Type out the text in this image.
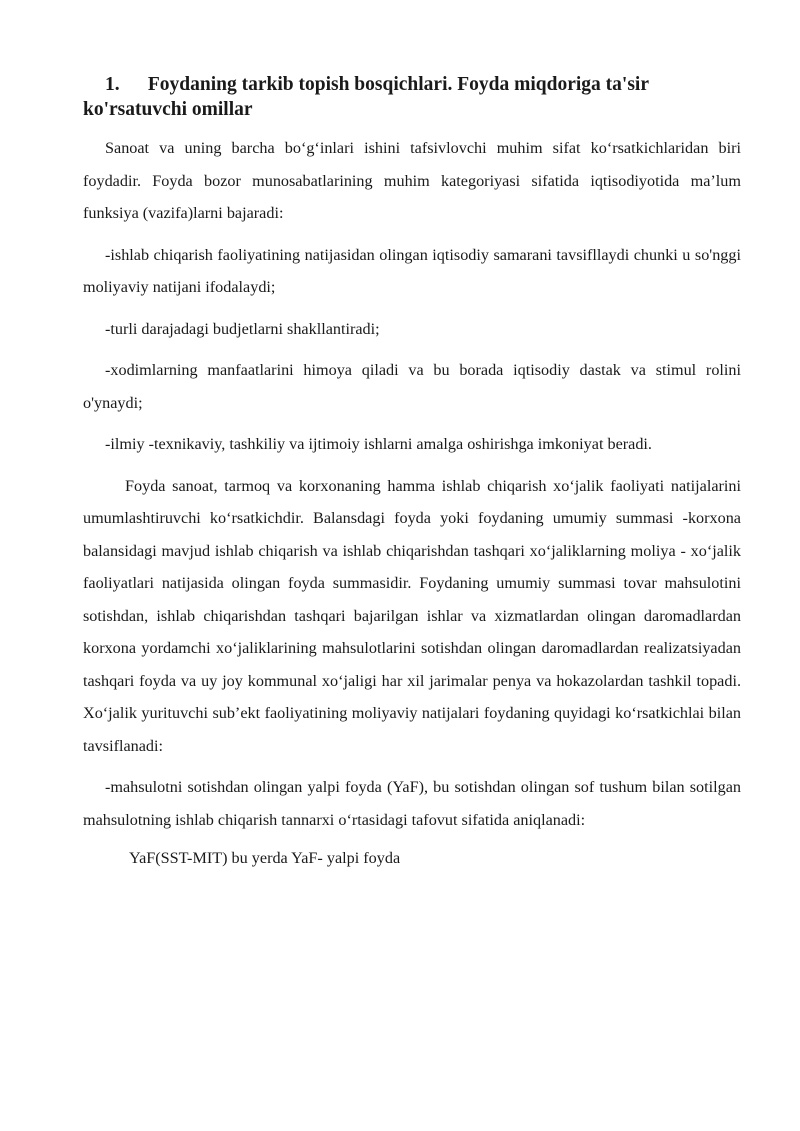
1. Foydaning tarkib topish bosqichlari. Foyda miqdoriga ta'sir ko'rsatuvchi omillar

Sanoat va uning barcha bo‘g‘inlari ishini tafsivlovchi muhim sifat ko‘rsatkichlaridan biri foydadir. Foyda bozor munosabatlarining muhim kategoriyasi sifatida iqtisodiyotida ma’lum funksiya (vazifa)larni bajaradi:

-ishlab chiqarish faoliyatining natijasidan olingan iqtisodiy samarani tavsifllaydi chunki u so'nggi moliyaviy natijani ifodalaydi;

-turli darajadagi budjetlarni shakllantiradi;

-xodimlarning manfaatlarini himoya qiladi va bu borada iqtisodiy dastak va stimul rolini o'ynaydi;

-ilmiy -texnikaviy, tashkiliy va ijtimoiy ishlarni amalga oshirishga imkoniyat beradi.

Foyda sanoat, tarmoq va korxonaning hamma ishlab chiqarish xo‘jalik faoliyati natijalarini umumlashtiruvchi ko‘rsatkichdir. Balansdagi foyda yoki foydaning umumiy summasi -korxona balansidagi mavjud ishlab chiqarish va ishlab chiqarishdan tashqari xo‘jaliklarning moliya - xo‘jalik faoliyatlari natijasida olingan foyda summasidir. Foydaning umumiy summasi tovar mahsulotini sotishdan, ishlab chiqarishdan tashqari bajarilgan ishlar va xizmatlardan olingan daromadlardan korxona yordamchi xo‘jaliklarining mahsulotlarini sotishdan olingan daromadlardan realizatsiyadan tashqari foyda va uy joy kommunal xo‘jaligi har xil jarimalar penya va hokazolardan tashkil topadi. Xo‘jalik yurituvchi sub’ekt faoliyatining moliyaviy natijalari foydaning quyidagi ko‘rsatkichlai bilan tavsiflanadi:

-mahsulotni sotishdan olingan yalpi foyda (YaF), bu sotishdan olingan sof tushum bilan sotilgan mahsulotning ishlab chiqarish tannarxi o‘rtasidagi tafovut sifatida aniqlanadi:

YaF(SST-MIT) bu yerda YaF- yalpi foyda
